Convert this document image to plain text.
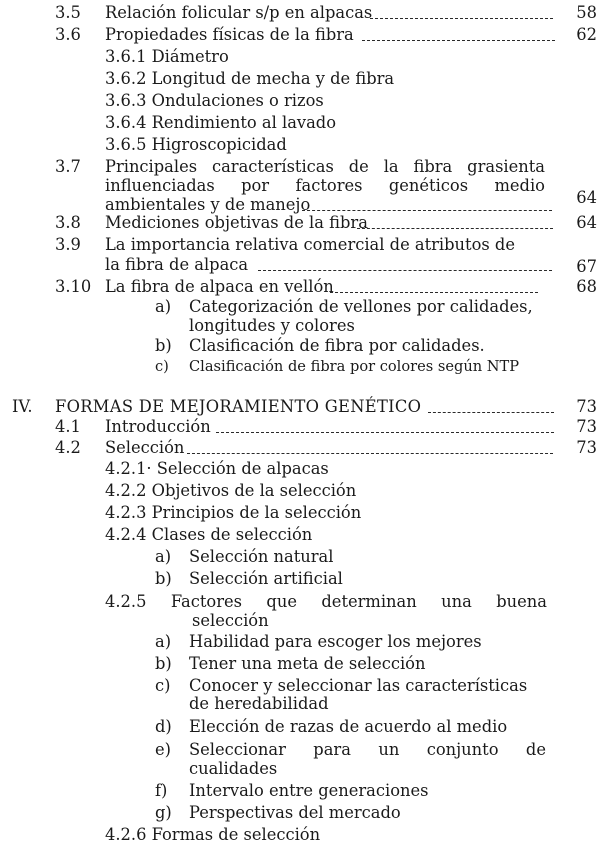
3.5 Relación folicular s/p en alpacas	58
3.6 Propiedades físicas de la fibra	62
3.6.1 Diámetro
3.6.2 Longitud de mecha y de fibra
3.6.3 Ondulaciones o rizos
3.6.4 Rendimiento al lavado
3.6.5 Higroscopicidad
3.7 Principales características de la fibra grasienta
influenciadas por factores genéticos medio
ambientales y de manejo	64
3.8 Mediciones objetivas de la fibra	64
3.9 La importancia relativa comercial de atributos de
la fibra de alpaca	67
3.10 La fibra de alpaca en vellón	68
a) Categorización de vellones por calidades,
longitudes y colores
b) Clasificación de fibra por calidades.
c) Clasificación de fibra por colores según NTP
IV. FORMAS DE MEJORAMIENTO GENÉTICO	73
4.1 Introducción	73
4.2 Selección	73
4.2.1· Selección de alpacas
4.2.2 Objetivos de la selección
4.2.3 Principios de la selección
4.2.4 Clases de selección
a) Selección natural
b) Selección artificial
4.2.5 Factores que determinan una buena
selección
a) Habilidad para escoger los mejores
b) Tener una meta de selección
c) Conocer y seleccionar las características
de heredabilidad
d) Elección de razas de acuerdo al medio
e) Seleccionar para un conjunto de
cualidades
f) Intervalo entre generaciones
g) Perspectivas del mercado
4.2.6 Formas de selección
